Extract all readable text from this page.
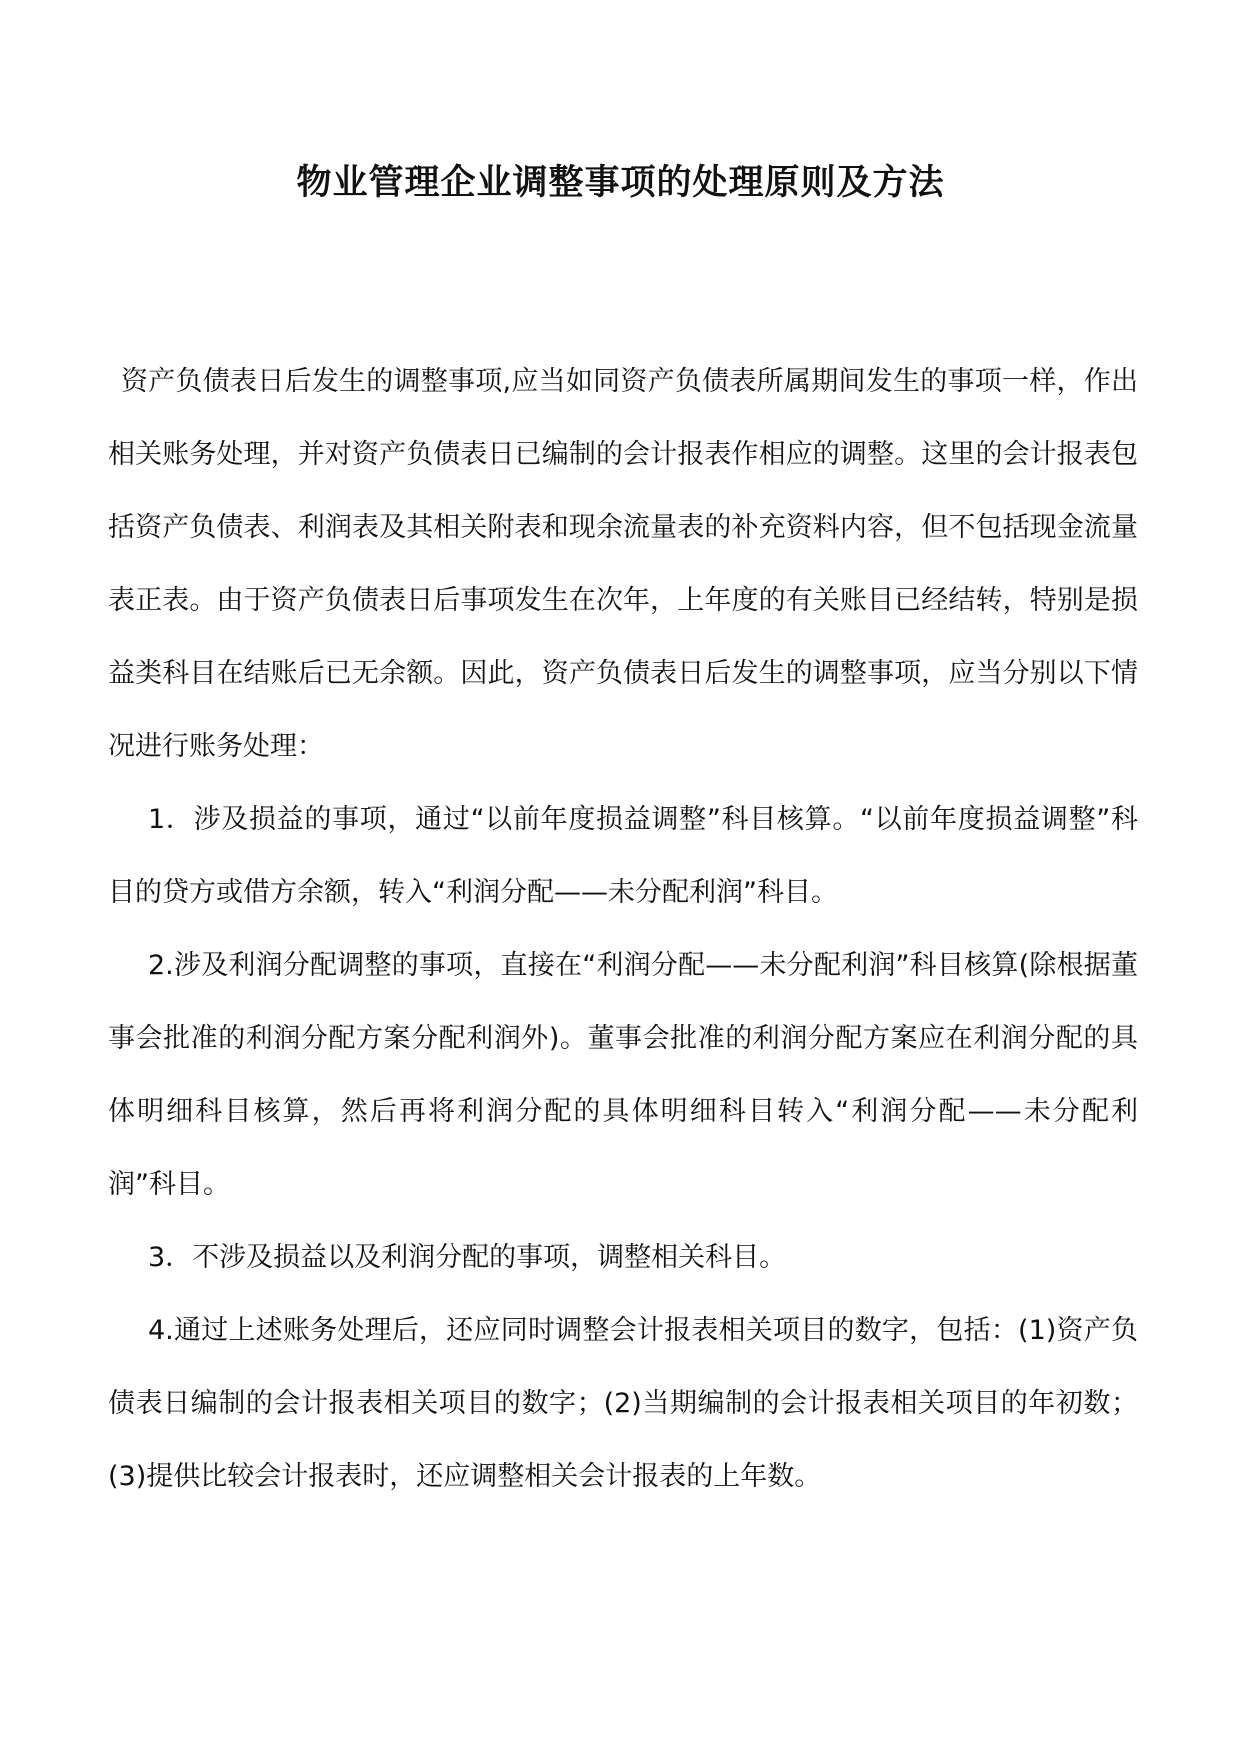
物业管理企业调整事项的处理原则及方法

资产负债表日后发生的调整事项,应当如同资产负债表所属期间发生的事项一样，作出相关账务处理，并对资产负债表日已编制的会计报表作相应的调整。这里的会计报表包括资产负债表、利润表及其相关附表和现余流量表的补充资料内容，但不包括现金流量表正表。由于资产负债表日后事项发生在次年，上年度的有关账目已经结转，特别是损益类科目在结账后已无余额。因此，资产负债表日后发生的调整事项，应当分别以下情况进行账务处理：

1．涉及损益的事项，通过“以前年度损益调整”科目核算。“以前年度损益调整”科目的贷方或借方余额，转入“利润分配——未分配利润”科目。

2.涉及利润分配调整的事项，直接在“利润分配——未分配利润”科目核算(除根据董事会批准的利润分配方案分配利润外)。董事会批准的利润分配方案应在利润分配的具体明细科目核算，然后再将利润分配的具体明细科目转入“利润分配——未分配利 润”科目。

3．不涉及损益以及利润分配的事项，调整相关科目。

4.通过上述账务处理后，还应同时调整会计报表相关项目的数字，包括：(1)资产负债表日编制的会计报表相关项目的数字；(2)当期编制的会计报表相关项目的年初数；(3)提供比较会计报表时，还应调整相关会计报表的上年数。
